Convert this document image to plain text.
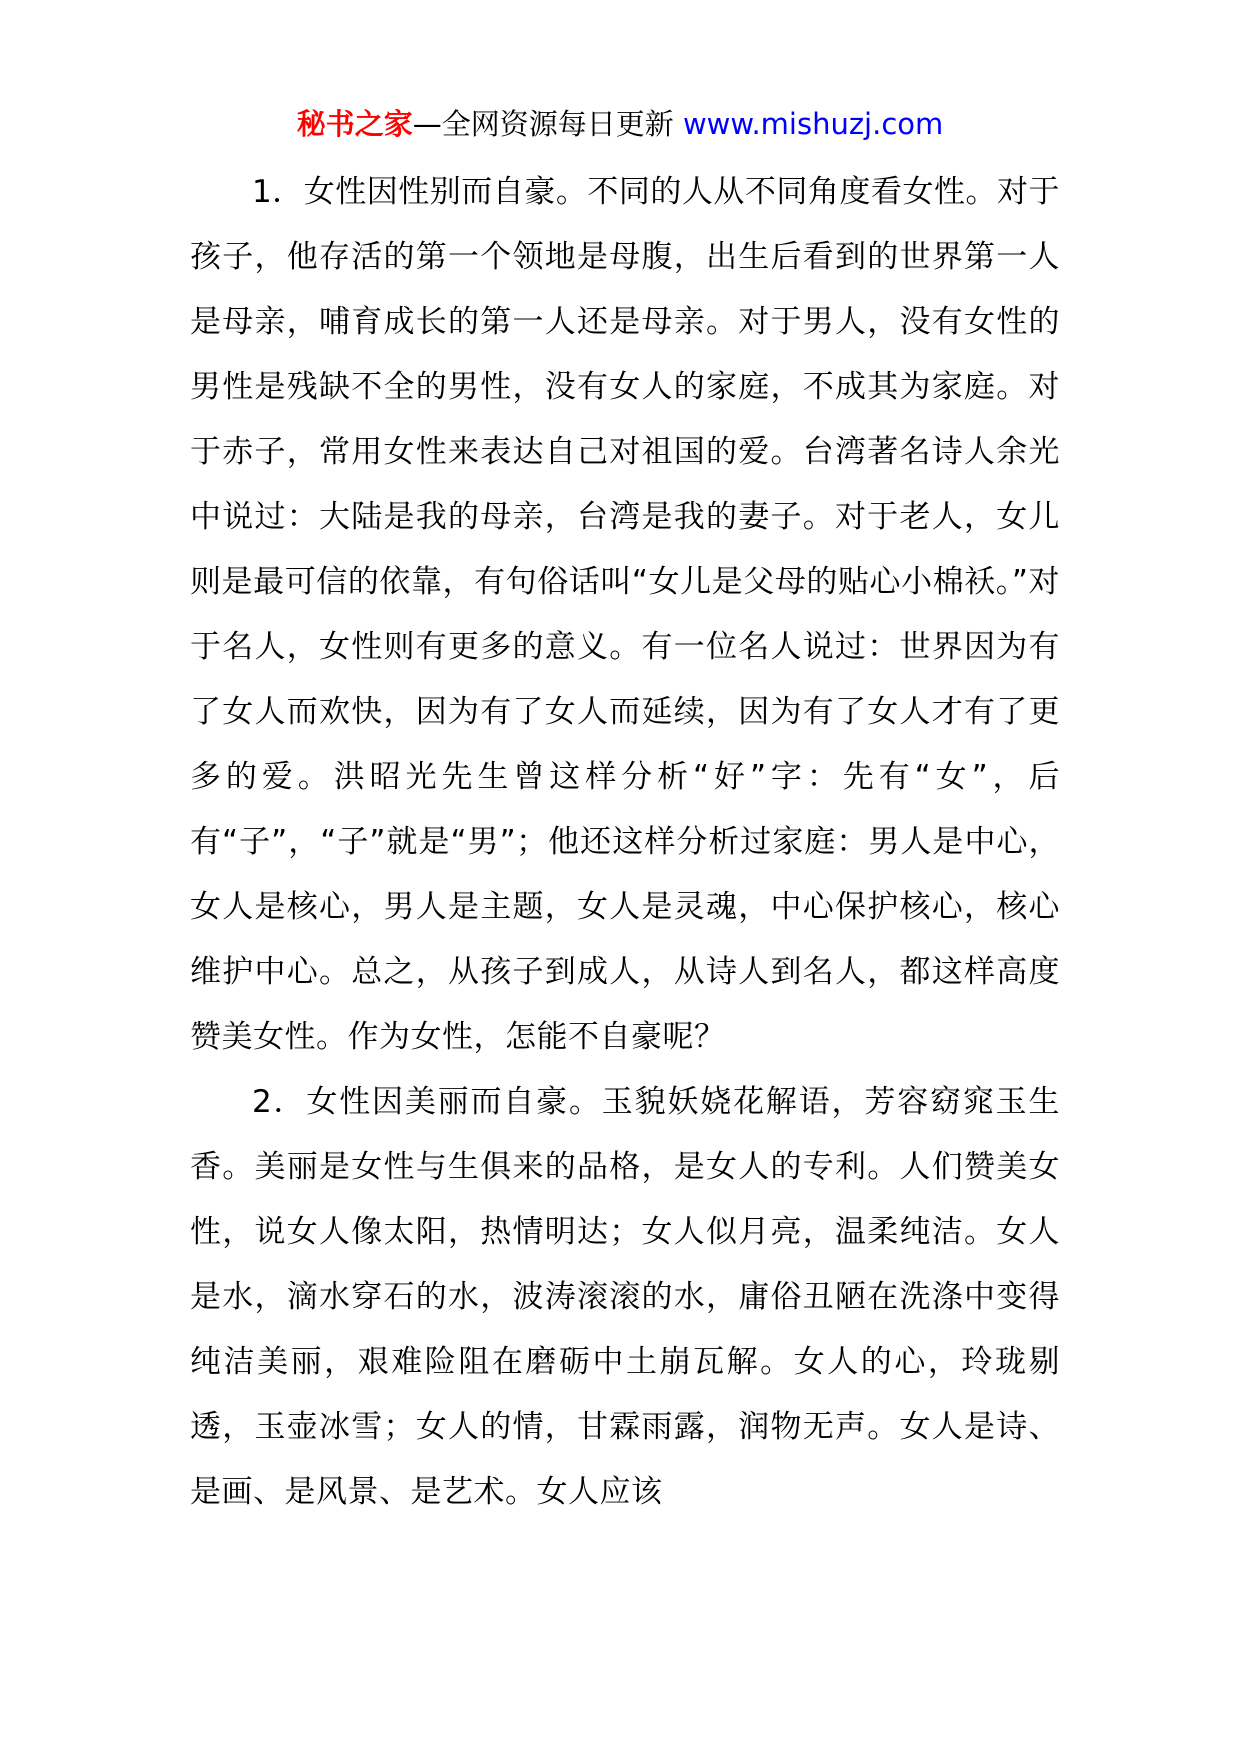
秘书之家—全网资源每日更新 www.mishuzj.com

1．女性因性别而自豪。不同的人从不同角度看女性。对于孩子，他存活的第一个领地是母腹，出生后看到的世界第一人是母亲，哺育成长的第一人还是母亲。对于男人，没有女性的男性是残缺不全的男性，没有女人的家庭，不成其为家庭。对于赤子，常用女性来表达自己对祖国的爱。台湾著名诗人余光中说过：大陆是我的母亲，台湾是我的妻子。对于老人，女儿则是最可信的依靠，有句俗话叫“女儿是父母的贴心小棉袄。”对于名人，女性则有更多的意义。有一位名人说过：世界因为有了女人而欢快，因为有了女人而延续，因为有了女人才有了更多的爱。洪昭光先生曾这样分析“好”字：先有“女”，后有“子”，“子”就是“男”；他还这样分析过家庭：男人是中心，女人是核心，男人是主题，女人是灵魂，中心保护核心，核心维护中心。总之，从孩子到成人，从诗人到名人，都这样高度赞美女性。作为女性，怎能不自豪呢？

2．女性因美丽而自豪。玉貌妖娆花解语，芳容窈窕玉生香。美丽是女性与生俱来的品格，是女人的专利。人们赞美女性，说女人像太阳，热情明达；女人似月亮，温柔纯洁。女人是水，滴水穿石的水，波涛滚滚的水，庸俗丑陋在洗涤中变得纯洁美丽，艰难险阻在磨砺中土崩瓦解。女人的心，玲珑剔透，玉壶冰雪；女人的情，甘霖雨露，润物无声。女人是诗、是画、是风景、是艺术。女人应该
